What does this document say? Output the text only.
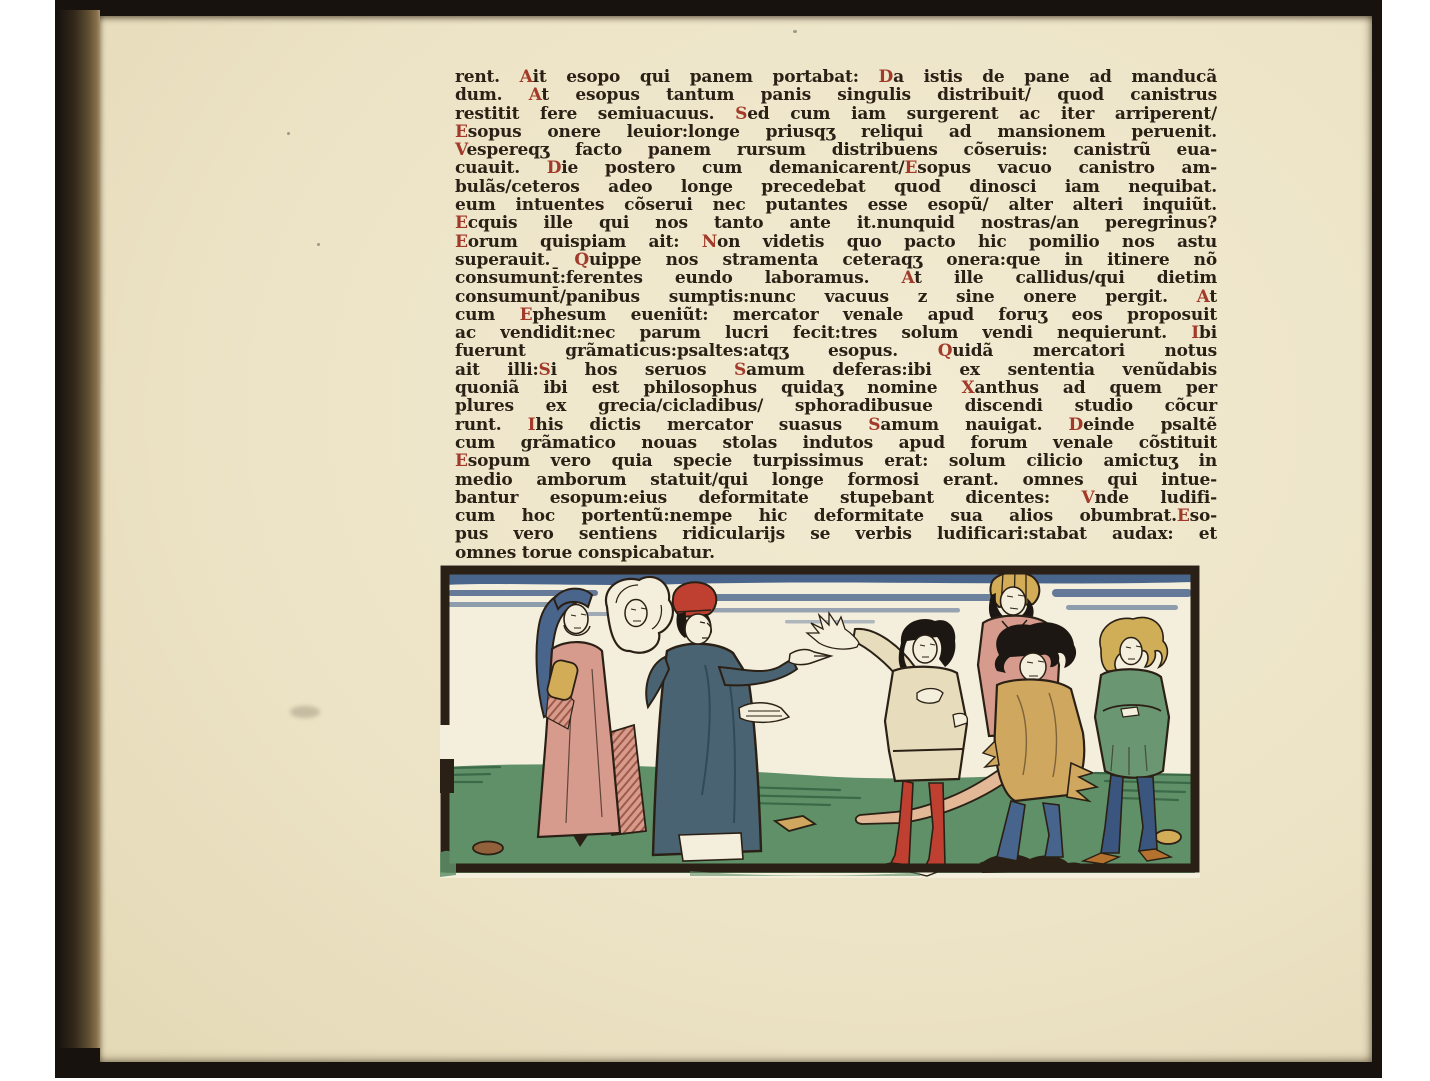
rent. Ait esopo qui panem portabat: Da istis de pane ad manducã
dum. At esopus tantum panis singulis distribuit/ quod canistrus
restitit fere semiuacuus. Sed cum iam surgerent ac iter arriperent/
Esopus onere leuior:longe priusqʒ reliqui ad mansionem peruenit.
Vespereqʒ facto panem rursum distribuens cõseruis: canistrũ eua-
cuauit. Die postero cum demanicarent/Esopus vacuo canistro am-
bulãs/ceteros adeo longe precedebat quod dinosci iam nequibat.
eum intuentes cõserui nec putantes esse esopũ/ alter alteri inquiũt.
Ecquis ille qui nos tanto ante it.nunquid nostras/an peregrinus?
Eorum quispiam ait: Non videtis quo pacto hic pomilio nos astu
superauit. Quippe nos stramenta ceteraqʒ onera:que in itinere nõ
consumunt̄:ferentes eundo laboramus. At ille callidus/qui dietim
consumunt̄/panibus sumptis:nunc vacuus z sine onere pergit. At
cum Ephesum eueniũt: mercator venale apud foruʒ eos proposuit
ac vendidit:nec parum lucri fecit:tres solum vendi nequierunt. Ibi
fuerunt grãmaticus:psaltes:atqʒ esopus. Quidã mercatori notus
ait illi:Si hos seruos Samum deferas:ibi ex sententia venũdabis
quoniã ibi est philosophus quidaʒ nomine Xanthus ad quem per
plures ex grecia/cicladibus/ sphoradibusue discendi studio cõcur
runt. Ihis dictis mercator suasus Samum nauigat. Deinde psaltẽ
cum grãmatico nouas stolas indutos apud forum venale cõstituit
Esopum vero quia specie turpissimus erat: solum cilicio amictuʒ in
medio amborum statuit/qui longe formosi erant. omnes qui intue-
bantur esopum:eius deformitate stupebant dicentes: Vnde ludifi-
cum hoc portentũ:nempe hic deformitate sua alios obumbrat.Eso-
pus vero sentiens ridicularijs se verbis ludificari:stabat audax: et
omnes torue conspicabatur.
